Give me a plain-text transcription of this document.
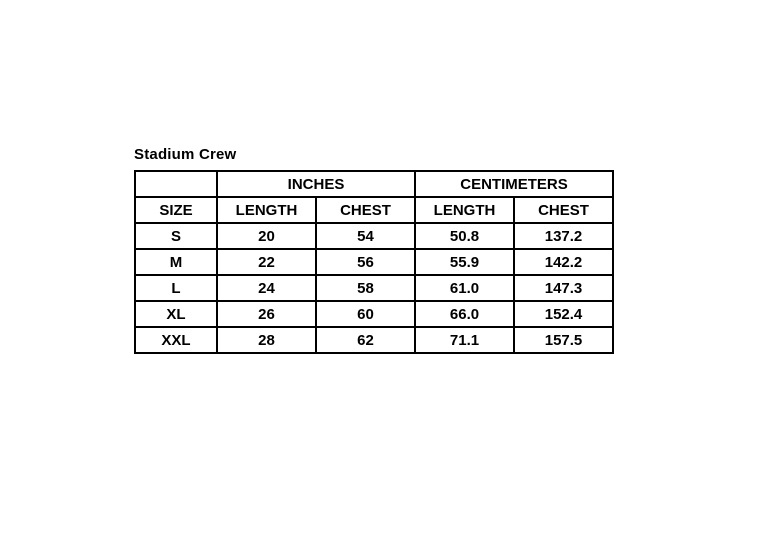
Stadium Crew
	INCHES		CENTIMETERS	
SIZE	LENGTH	CHEST	LENGTH	CHEST
S	20	54	50.8	137.2
M	22	56	55.9	142.2
L	24	58	61.0	147.3
XL	26	60	66.0	152.4
XXL	28	62	71.1	157.5
